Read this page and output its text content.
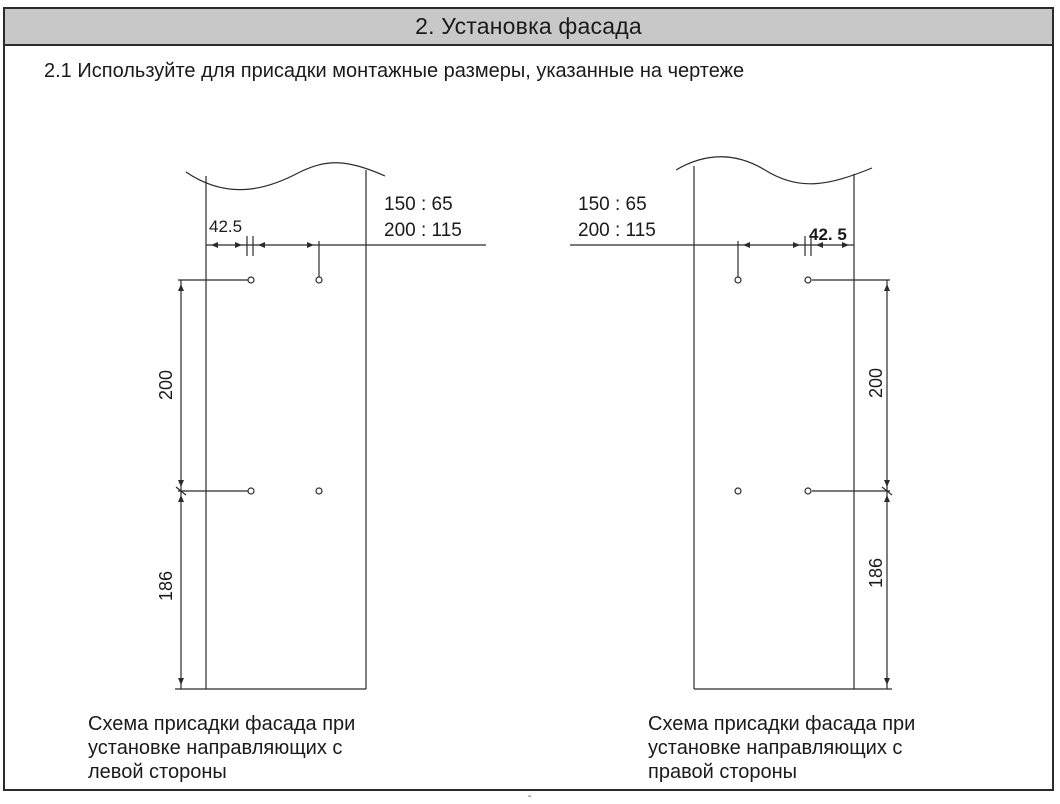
2. Установка фасада

2.1 Используйте для присадки монтажные размеры, указанные на чертеже

150 : 65
200 : 115
42.5
200
186
150 : 65
200 : 115	42. 5
200
186
Схема присадки фасада при
установке направляющих с
левой стороны
Схема присадки фасада при
установке направляющих с
правой стороны
-
